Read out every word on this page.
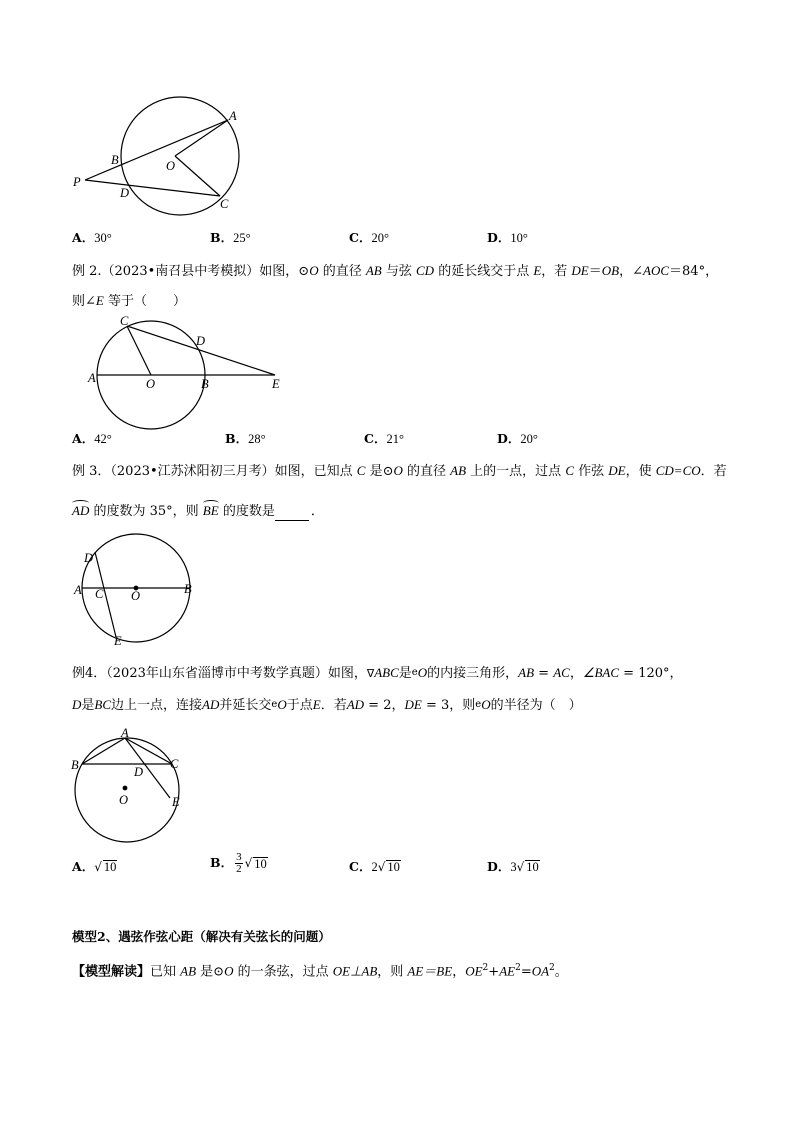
A
B	O
P
D
C
A．30°	B．25°	C．20°	D．10°
例 2.（2023•南召县中考模拟）如图，⊙O 的直径 AB 与弦 CD 的延长线交于点 E，若 DE＝OB，∠AOC＝84°，
则∠E 等于（　　）
C
D
A	O	B	E
A．42°	B．28°	C．21°	D．20°
例 3．（2023•江苏沭阳初三月考）如图，已知点 C 是⊙O 的直径 AB 上的一点，过点 C 作弦 DE，使 CD=CO．若
AD 的度数为 35°，则 BE 的度数是	．
D
A C O	B
E
例4．（2023年山东省淄博市中考数学真题）如图，∇ABC是eO的内接三角形，AB = AC，∠BAC = 120°，
D是BC边上一点，连接AD并延长交eO于点E．若AD = 2，DE = 3，则eO的半径为（　）
A
B	C
D
E
O
A．√ 10	B． $\frac{3}{2}$ √ 10	C．2√ 10	D．3√ 10
模型2、遇弦作弦心距（解决有关弦长的问题）
【模型解读】已知 AB 是⊙O 的一条弦，过点 OE⊥AB，则 AE＝BE，$OE^2+AE^2=OA^2$。
